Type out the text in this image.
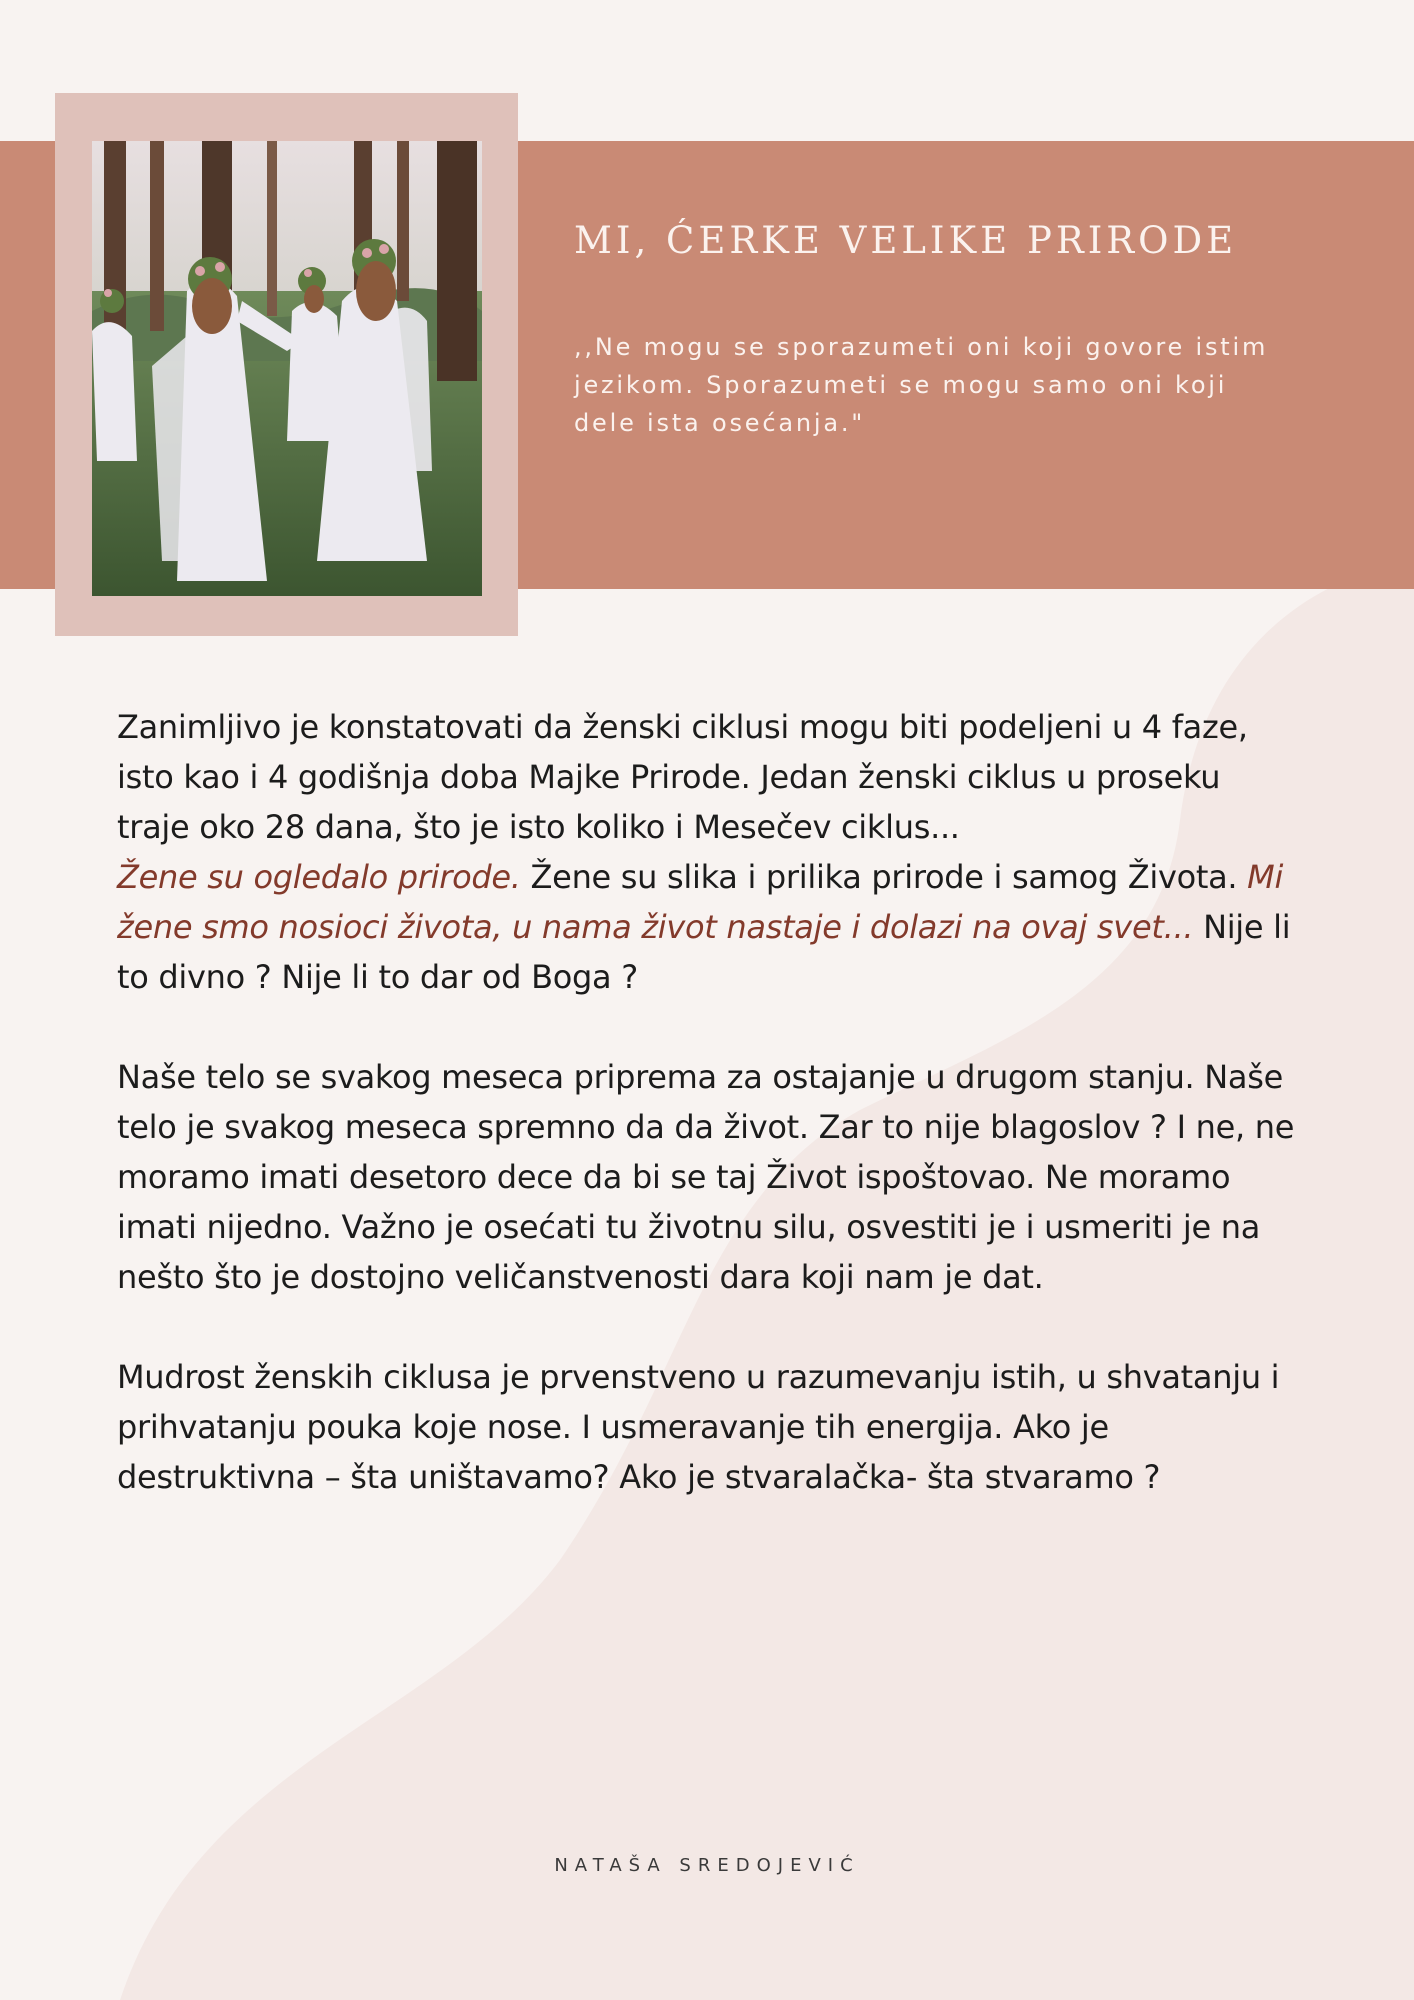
MI, ĆERKE VELIKE PRIRODE

,,Ne mogu se sporazumeti oni koji govore istim jezikom. Sporazumeti se mogu samo oni koji dele ista osećanja."

Zanimljivo je konstatovati da ženski ciklusi mogu biti podeljeni u 4 faze, isto kao i 4 godišnja doba Majke Prirode. Jedan ženski ciklus u proseku traje oko 28 dana, što je isto koliko i Mesečev ciklus...
Žene su ogledalo prirode. Žene su slika i prilika prirode i samog Života. Mi žene smo nosioci života, u nama život nastaje i dolazi na ovaj svet... Nije li to divno ? Nije li to dar od Boga ?

Naše telo se svakog meseca priprema za ostajanje u drugom stanju. Naše telo je svakog meseca spremno da da život. Zar to nije blagoslov ? I ne, ne moramo imati desetoro dece da bi se taj Život ispoštovao. Ne moramo imati nijedno. Važno je osećati tu životnu silu, osvestiti je i usmeriti je na nešto što je dostojno veličanstvenosti dara koji nam je dat.

Mudrost ženskih ciklusa je prvenstveno u razumevanju istih, u shvatanju i prihvatanju pouka koje nose. I usmeravanje tih energija. Ako je destruktivna – šta uništavamo? Ako je stvaralačka- šta stvaramo ?

NATAŠA SREDOJEVIĆ
